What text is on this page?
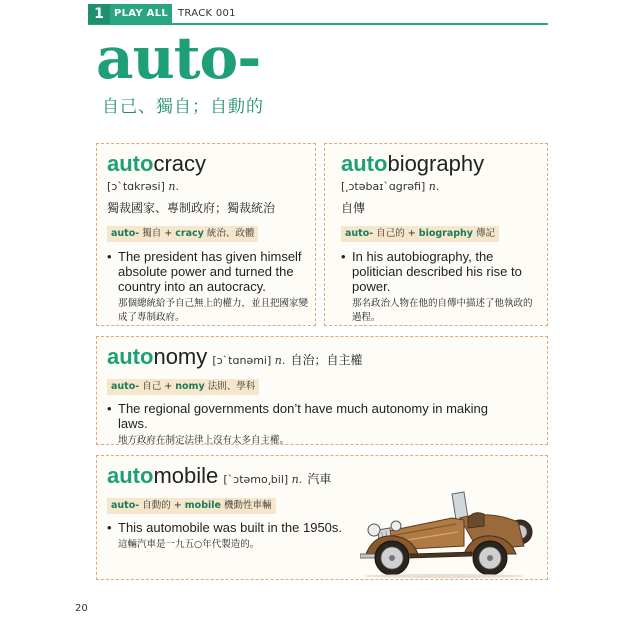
1	PLAY ALL TRACK 001
auto-
自己、獨自；自動的
autocracy
[ɔˋtɑkrəsi] n.
獨裁國家、專制政府；獨裁統治
auto- 獨自 + cracy 統治、政體
• The president has given himself absolute power and turned the country into an autocracy.
那個總統給予自己無上的權力，並且把國家變成了專制政府。
autobiography
[͵ɔtəbaɪˋɑgrəfi] n.
自傳
auto- 自己的 + biography 傳記
• In his autobiography, the politician described his rise to power.
那名政治人物在他的自傳中描述了他執政的過程。
autonomy [ɔˋtɑnəmi] n. 自治；自主權
auto- 自己 + nomy 法則、學科
• The regional governments don’t have much autonomy in making laws.
地方政府在制定法律上沒有太多自主權。
automobile [ˋɔtəmo͵bil] n. 汽車
auto- 自動的 + mobile 機動性車輛
• This automobile was built in the 1950s.
這輛汽車是一九五○年代製造的。
20
